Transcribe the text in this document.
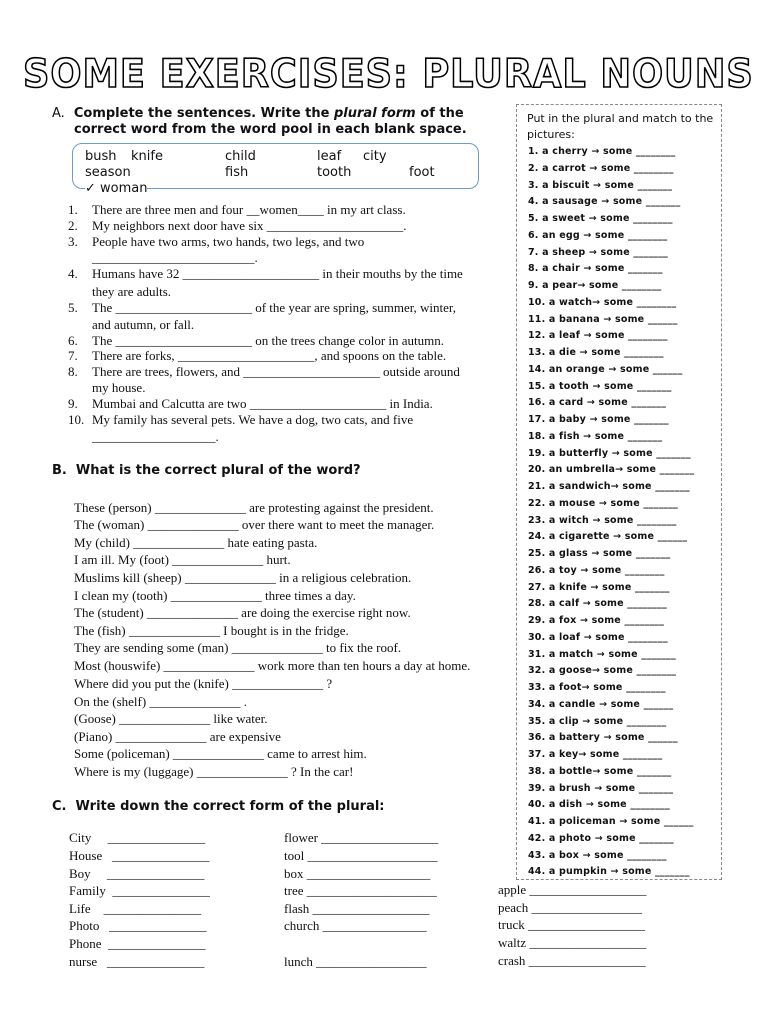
SOME EXERCISES: PLURAL NOUNS
A. Complete the sentences. Write the plural form of the
correct word from the word pool in each blank space.
bush knife	child	leaf city
season	fish	tooth	foot
✓ woman
1. There are three men and four __women____ in my art class.
2. My neighbors next door have six _____________________.
3. People have two arms, two hands, two legs, and two
_________________________.
4. Humans have 32 _____________________ in their mouths by the time
they are adults.
5. The _____________________ of the year are spring, summer, winter,
and autumn, or fall.
6. The _____________________ on the trees change color in autumn.
7. There are forks, _____________________, and spoons on the table.
8. There are trees, flowers, and _____________________ outside around
my house.
9. Mumbai and Calcutta are two _____________________ in India.
10. My family has several pets. We have a dog, two cats, and five
___________________.
B. What is the correct plural of the word?
These (person) ______________ are protesting against the president.
The (woman) ______________ over there want to meet the manager.
My (child) ______________ hate eating pasta.
I am ill. My (foot) ______________ hurt.
Muslims kill (sheep) ______________ in a religious celebration.
I clean my (tooth) ______________ three times a day.
The (student) ______________ are doing the exercise right now.
The (fish) ______________ I bought is in the fridge.
They are sending some (man) ______________ to fix the roof.
Most (houswife) ______________ work more than ten hours a day at home.
Where did you put the (knife) ______________ ?
On the (shelf) ______________ .
(Goose) ______________ like water.
(Piano) ______________ are expensive
Some (policeman) ______________ came to arrest him.
Where is my (luggage) ______________ ? In the car!
C. Write down the correct form of the plural:
City     _______________
House   _______________
Boy     _______________
Family  _______________
Life    _______________
Photo   _______________
Phone  _______________
nurse   _______________
flower __________________
tool ____________________
box ___________________
tree ____________________
flash __________________
church ________________
lunch _________________
apple __________________
peach _________________
truck __________________
waltz __________________
crash __________________
Put in the plural and match to the pictures:
1. a cherry → some ________
2. a carrot → some ________
3. a biscuit → some _______
4. a sausage → some _______
5. a sweet → some ________
6. an egg → some ________
7. a sheep → some _______
8. a chair → some _______
9. a pear→ some ________
10. a watch→ some ________
11. a banana → some ______
12. a leaf → some ________
13. a die → some ________
14. an orange → some ______
15. a tooth → some _______
16. a card → some _______
17. a baby → some _______
18. a fish → some _______
19. a butterfly → some _______
20. an umbrella→ some _______
21. a sandwich→ some _______
22. a mouse → some _______
23. a witch → some ________
24. a cigarette → some ______
25. a glass → some _______
26. a toy → some ________
27. a knife → some _______
28. a calf → some ________
29. a fox → some ________
30. a loaf → some ________
31. a match → some _______
32. a goose→ some ________
33. a foot→ some ________
34. a candle → some ______
35. a clip → some ________
36. a battery → some ______
37. a key→ some ________
38. a bottle→ some _______
39. a brush → some _______
40. a dish → some ________
41. a policeman → some ______
42. a photo → some _______
43. a box → some ________
44. a pumpkin → some _______
